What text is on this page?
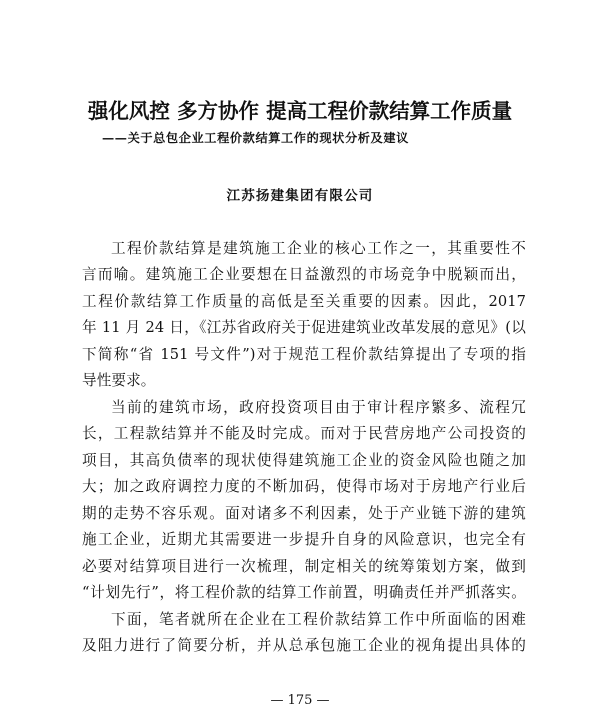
强化风控 多方协作 提高工程价款结算工作质量
——关于总包企业工程价款结算工作的现状分析及建议
江苏扬建集团有限公司
工程价款结算是建筑施工企业的核心工作之一，其重要性不
言而喻。建筑施工企业要想在日益激烈的市场竞争中脱颖而出，
工程价款结算工作质量的高低是至关重要的因素。因此，2017
年 11 月 24 日，《江苏省政府关于促进建筑业改革发展的意见》(以
下简称“省 151 号文件”)对于规范工程价款结算提出了专项的指
导性要求。
当前的建筑市场，政府投资项目由于审计程序繁多、流程冗
长，工程款结算并不能及时完成。而对于民营房地产公司投资的
项目，其高负债率的现状使得建筑施工企业的资金风险也随之加
大；加之政府调控力度的不断加码，使得市场对于房地产行业后
期的走势不容乐观。面对诸多不利因素，处于产业链下游的建筑
施工企业，近期尤其需要进一步提升自身的风险意识，也完全有
必要对结算项目进行一次梳理，制定相关的统筹策划方案，做到
“计划先行”，将工程价款的结算工作前置，明确责任并严抓落实。
下面，笔者就所在企业在工程价款结算工作中所面临的困难
及阻力进行了简要分析，并从总承包施工企业的视角提出具体的
— 175 —
